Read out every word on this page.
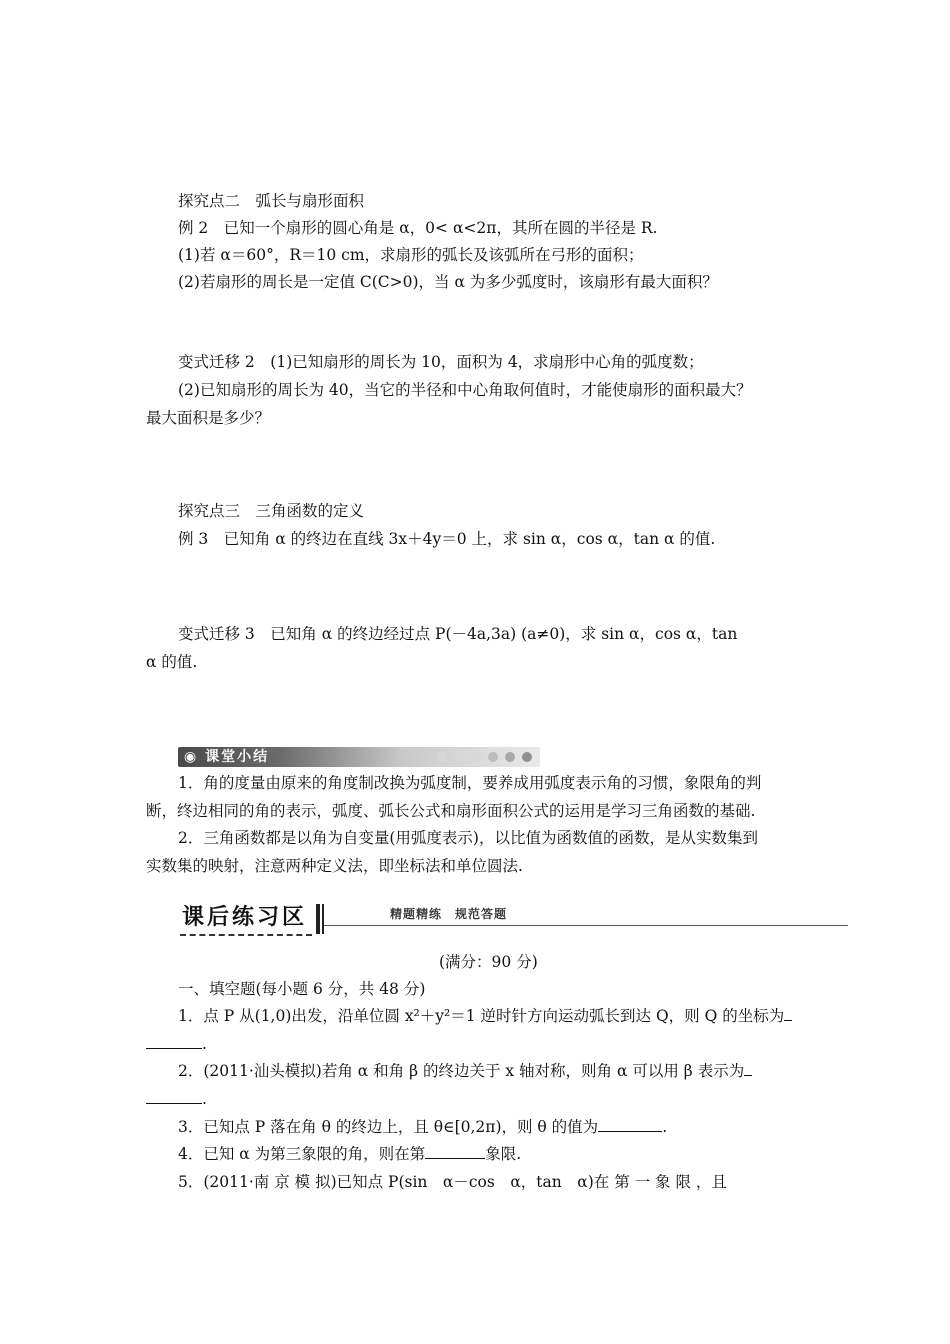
探究点二　弧长与扇形面积
例 2　已知一个扇形的圆心角是 α，0< α<2π，其所在圆的半径是 R.
(1)若 α＝60°，R＝10 cm，求扇形的弧长及该弧所在弓形的面积；
(2)若扇形的周长是一定值 C(C>0)，当 α 为多少弧度时，该扇形有最大面积？
变式迁移 2　(1)已知扇形的周长为 10，面积为 4，求扇形中心角的弧度数；
(2)已知扇形的周长为 40，当它的半径和中心角取何值时，才能使扇形的面积最大？
最大面积是多少？
探究点三　三角函数的定义
例 3　已知角 α 的终边在直线 3x＋4y＝0 上，求 sin α，cos α，tan α 的值.
变式迁移 3　已知角 α 的终边经过点 P(－4a,3a) (a≠0)，求 sin α，cos α，tan
α 的值.
◉ 课堂小结
1．角的度量由原来的角度制改换为弧度制，要养成用弧度表示角的习惯，象限角的判
断，终边相同的角的表示，弧度、弧长公式和扇形面积公式的运用是学习三角函数的基础.
2．三角函数都是以角为自变量(用弧度表示)，以比值为函数值的函数，是从实数集到
实数集的映射，注意两种定义法，即坐标法和单位圆法.
课后练习区	精题精练　规范答题
(满分：90 分)
一、填空题(每小题 6 分，共 48 分)
1．点 P 从(1,0)出发，沿单位圆 x²＋y²＝1 逆时针方向运动弧长到达 Q，则 Q 的坐标为
.
2．(2011·汕头模拟)若角 α 和角 β 的终边关于 x 轴对称，则角 α 可以用 β 表示为
.
3．已知点 P 落在角 θ 的终边上，且 θ∈[0,2π)，则 θ 的值为	.
4．已知 α 为第三象限的角，则在第	象限.
5．(2011·南 京 模 拟)已知点 P(sin　α－cos　α，tan　α)在 第 一 象 限 ，且
